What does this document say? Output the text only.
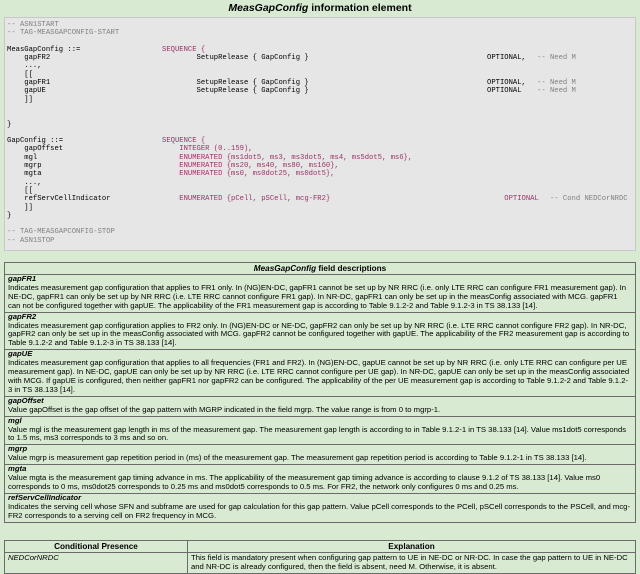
MeasGapConfig information element
-- ASN1START
-- TAG-MEASGAPCONFIG-START
MeasGapConfig ::=	SEQUENCE {
gapFR2	SetupRelease { GapConfig }	OPTIONAL, -- Need M
...,
[[
gapFR1	SetupRelease { GapConfig }	OPTIONAL, -- Need M
gapUE	SetupRelease { GapConfig }	OPTIONAL -- Need M
]]
}
GapConfig ::=	SEQUENCE {
gapOffset	INTEGER (0..159),
mgl	ENUMERATED {ms1dot5, ms3, ms3dot5, ms4, ms5dot5, ms6},
mgrp	ENUMERATED {ms20, ms40, ms80, ms160},
mgta	ENUMERATED {ms0, ms0dot25, ms0dot5},
...,
[[
refServCellIndicator	ENUMERATED {pCell, pSCell, mcg-FR2}	OPTIONAL
-- Cond NEDCorNRDC
]]
}
-- TAG-MEASGAPCONFIG-STOP
-- ASN1STOP
MeasGapConfig field descriptions

gapFR1
Indicates measurement gap configuration that applies to FR1 only. In (NG)EN-DC, gapFR1 cannot be set up by NR RRC (i.e. only LTE RRC can configure FR1 measurement gap). In NE-DC, gapFR1 can only be set up by NR RRC (i.e. LTE RRC cannot configure FR1 gap). In NR-DC, gapFR1 can only be set up in the measConfig associated with MCG. gapFR1 can not be configured together with gapUE. The applicability of the FR1 measurement gap is according to Table 9.1.2-2 and Table 9.1.2-3 in TS 38.133 [14].

gapFR2
Indicates measurement gap configuration applies to FR2 only. In (NG)EN-DC or NE-DC, gapFR2 can only be set up by NR RRC (i.e. LTE RRC cannot configure FR2 gap). In NR-DC, gapFR2 can only be set up in the measConfig associated with MCG. gapFR2 cannot be configured together with gapUE. The applicability of the FR2 measurement gap is according to Table 9.1.2-2 and Table 9.1.2-3 in TS 38.133 [14].

gapUE
Indicates measurement gap configuration that applies to all frequencies (FR1 and FR2). In (NG)EN-DC, gapUE cannot be set up by NR RRC (i.e. only LTE RRC can configure per UE measurement gap). In NE-DC, gapUE can only be set up by NR RRC (i.e. LTE RRC cannot configure per UE gap). In NR-DC, gapUE can only be set up in the measConfig associated with MCG. If gapUE is configured, then neither gapFR1 nor gapFR2 can be configured. The applicability of the per UE measurement gap is according to Table 9.1.2-2 and Table 9.1.2-3 in TS 38.133 [14].

gapOffset
Value gapOffset is the gap offset of the gap pattern with MGRP indicated in the field mgrp. The value range is from 0 to mgrp-1.

mgl
Value mgl is the measurement gap length in ms of the measurement gap. The measurement gap length is according to in Table 9.1.2-1 in TS 38.133 [14]. Value ms1dot5 corresponds to 1.5 ms, ms3 corresponds to 3 ms and so on.

mgrp
Value mgrp is measurement gap repetition period in (ms) of the measurement gap. The measurement gap repetition period is according to Table 9.1.2-1 in TS 38.133 [14].

mgta
Value mgta is the measurement gap timing advance in ms. The applicability of the measurement gap timing advance is according to clause 9.1.2 of TS 38.133 [14]. Value ms0 corresponds to 0 ms, ms0dot25 corresponds to 0.25 ms and ms0dot5 corresponds to 0.5 ms. For FR2, the network only configures 0 ms and 0.25 ms.

refServCellIndicator
Indicates the serving cell whose SFN and subframe are used for gap calculation for this gap pattern. Value pCell corresponds to the PCell, pSCell corresponds to the PSCell, and mcg-FR2 corresponds to a serving cell on FR2 frequency in MCG.
Conditional Presence	Explanation
NEDCorNRDC	This field is mandatory present when configuring gap pattern to UE in NE-DC or NR-DC. In case the gap pattern to UE in NE-DC and NR-DC is already configured, then the field is absent, need M. Otherwise, it is absent.
